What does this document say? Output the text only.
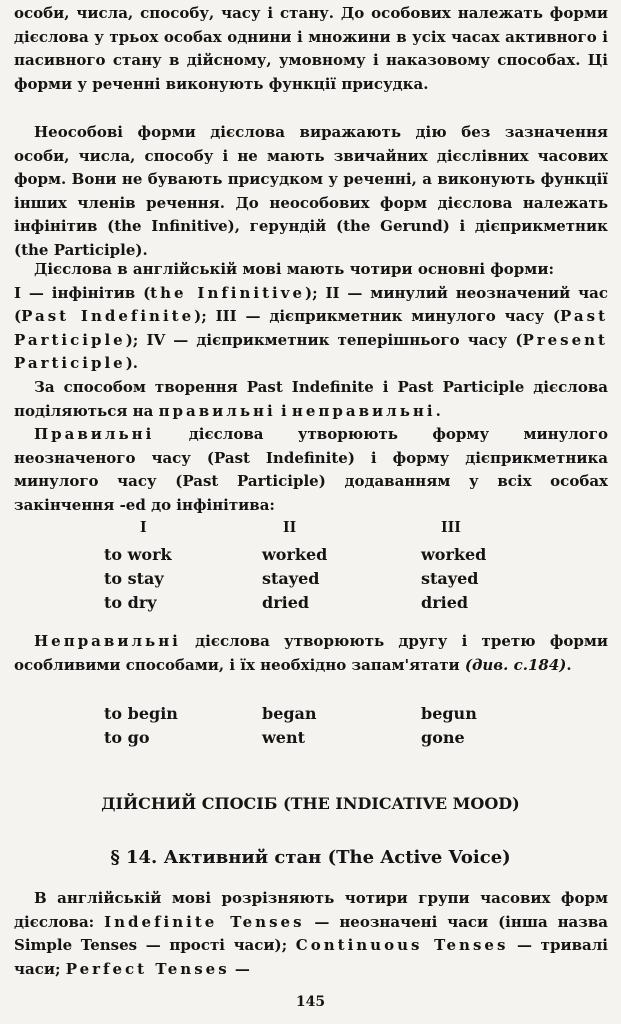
особи, числа, способу, часу і стану. До особових належать форми дієслова у трьох особах однини і множини в усіх часах активного і пасивного стану в дійсному, умовному і наказовому способах. Ці форми у реченні виконують функції присудка.

Неособові форми дієслова виражають дію без зазначення особи, числа, способу і не мають звичайних дієслівних часових форм. Вони не бувають присудком у реченні, а виконують функції інших членів речення. До неособових форм дієслова належать інфінітив (the Infinitive), герундій (the Gerund) і дієприкметник (the Participle).

Дієслова в англійській мові мають чотири основні форми:
I — інфінітив (the Infinitive); II — минулий неозначений час (Past Indefinite); III — дієприкметник минулого часу (Past Participle); IV — дієприкметник теперішнього часу (Present Participle).

За способом творення Past Indefinite і Past Participle дієслова поділяються на правильні і неправильні.

Правильні дієслова утворюють форму минулого неозначеного часу (Past Indefinite) і форму дієприкметника минулого часу (Past Participle) додаванням у всіх особах закінчення -ed до інфінітива:

I	II	III
to work	worked	worked
to stay	stayed	stayed
to dry	dried	dried

Неправильні дієслова утворюють другу і третю форми особливими способами, і їх необхідно запам'ятати (див. с.184).

to begin	began	begun
to go	went	gone
ДІЙСНИЙ СПОСІБ (THE INDICATIVE MOOD)
§ 14. Активний стан (The Active Voice)

В англійській мові розрізняють чотири групи часових форм дієслова: Indefinite Tenses — неозначені часи (інша назва Simple Tenses — прості часи); Continuous Tenses — тривалі часи; Perfect Tenses —

145
